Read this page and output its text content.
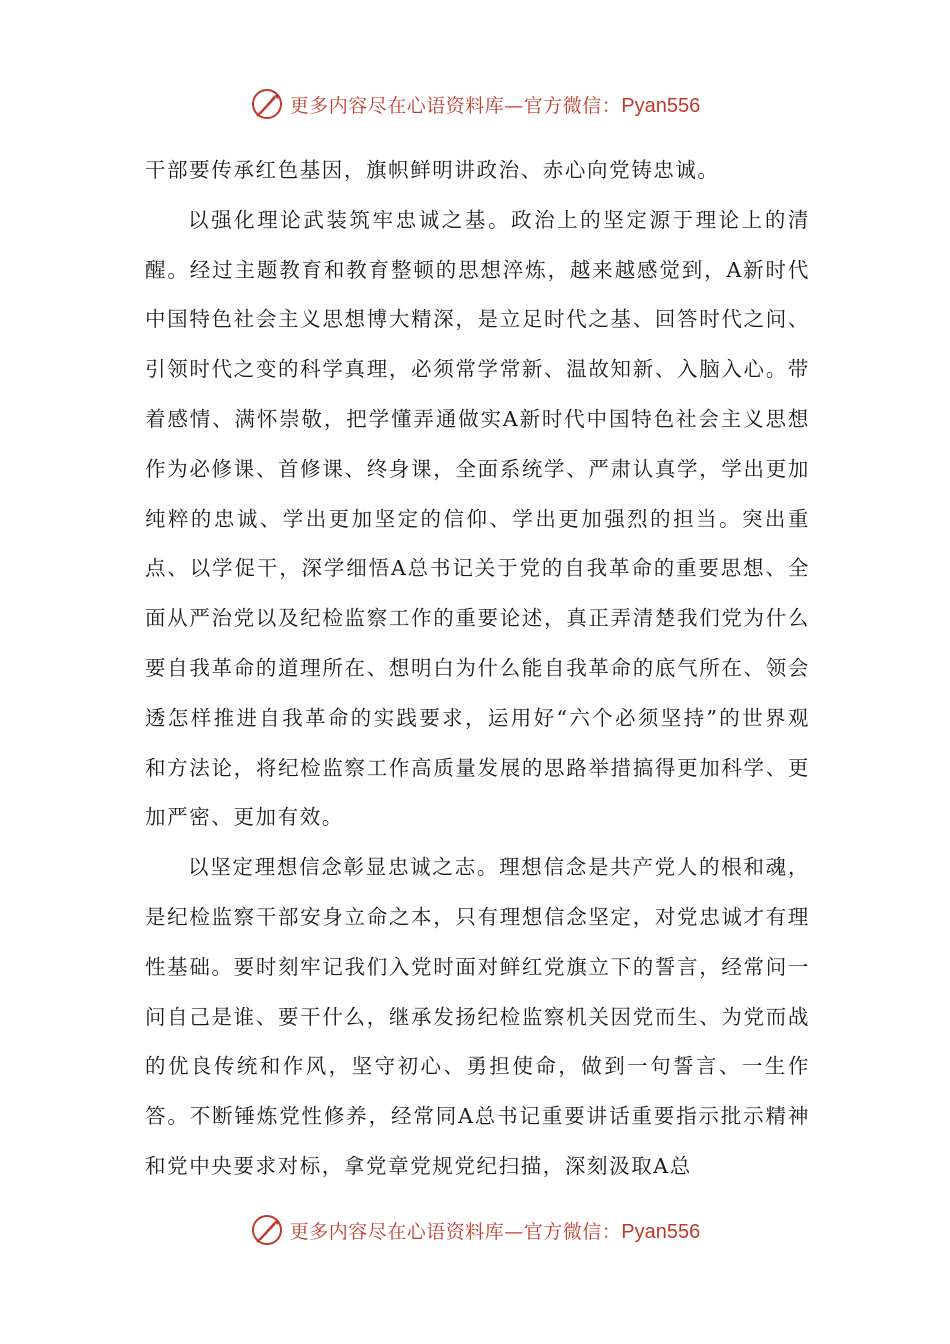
更多内容尽在心语资料库—官方微信：Pyan556

干部要传承红色基因，旗帜鲜明讲政治、赤心向党铸忠诚。

以强化理论武装筑牢忠诚之基。政治上的坚定源于理论上的清醒。经过主题教育和教育整顿的思想淬炼，越来越感觉到，A新时代中国特色社会主义思想博大精深，是立足时代之基、回答时代之问、引领时代之变的科学真理，必须常学常新、温故知新、入脑入心。带着感情、满怀崇敬，把学懂弄通做实A新时代中国特色社会主义思想作为必修课、首修课、终身课，全面系统学、严肃认真学，学出更加纯粹的忠诚、学出更加坚定的信仰、学出更加强烈的担当。突出重点、以学促干，深学细悟A总书记关于党的自我革命的重要思想、全面从严治党以及纪检监察工作的重要论述，真正弄清楚我们党为什么要自我革命的道理所在、想明白为什么能自我革命的底气所在、领会透怎样推进自我革命的实践要求，运用好“六个必须坚持”的世界观和方法论，将纪检监察工作高质量发展的思路举措搞得更加科学、更加严密、更加有效。

以坚定理想信念彰显忠诚之志。理想信念是共产党人的根和魂，是纪检监察干部安身立命之本，只有理想信念坚定，对党忠诚才有理性基础。要时刻牢记我们入党时面对鲜红党旗立下的誓言，经常问一问自己是谁、要干什么，继承发扬纪检监察机关因党而生、为党而战的优良传统和作风，坚守初心、勇担使命，做到一句誓言、一生作答。不断锤炼党性修养，经常同A总书记重要讲话重要指示批示精神和党中央要求对标，拿党章党规党纪扫描，深刻汲取A总

更多内容尽在心语资料库—官方微信：Pyan556
